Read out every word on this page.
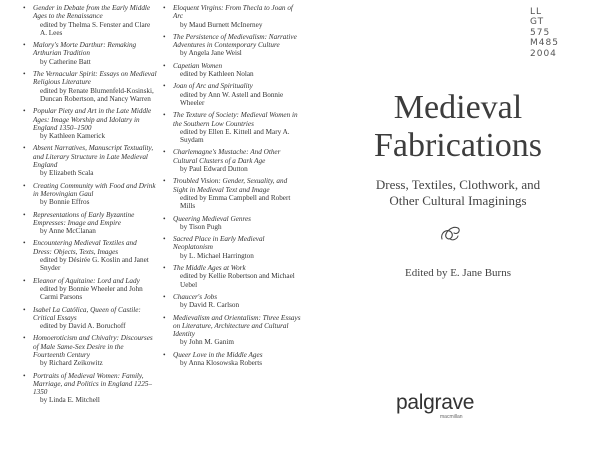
• Gender in Debate from the Early Middle Ages to the Renaissance
edited by Thelma S. Fenster and Clare A. Lees
• Malory's Morte Darthur: Remaking Arthurian Tradition
by Catherine Batt
• The Vernacular Spirit: Essays on Medieval Religious Literature
edited by Renate Blumenfeld-Kosinski, Duncan Robertson, and Nancy Warren
• Popular Piety and Art in the Late Middle Ages: Image Worship and Idolatry in England 1350–1500
by Kathleen Kamerick
• Absent Narratives, Manuscript Textuality, and Literary Structure in Late Medieval England
by Elizabeth Scala
• Creating Community with Food and Drink in Merovingian Gaul
by Bonnie Effros
• Representations of Early Byzantine Empresses: Image and Empire
by Anne McClanan
• Encountering Medieval Textiles and Dress: Objects, Texts, Images
edited by Désirée G. Koslin and Janet Snyder
• Eleanor of Aquitaine: Lord and Lady
edited by Bonnie Wheeler and John Carmi Parsons
• Isabel La Católica, Queen of Castile: Critical Essays
edited by David A. Boruchoff
• Homoeroticism and Chivalry: Discourses of Male Same-Sex Desire in the Fourteenth Century
by Richard Zeikowitz
• Portraits of Medieval Women: Family, Marriage, and Politics in England 1225–1350
by Linda E. Mitchell
• Eloquent Virgins: From Thecla to Joan of Arc
by Maud Burnett McInerney
• The Persistence of Medievalism: Narrative Adventures in Contemporary Culture
by Angela Jane Weisl
• Capetian Women
edited by Kathleen Nolan
• Joan of Arc and Spirituality
edited by Ann W. Astell and Bonnie Wheeler
• The Texture of Society: Medieval Women in the Southern Low Countries
edited by Ellen E. Kittell and Mary A. Suydam
• Charlemagne's Mustache: And Other Cultural Clusters of a Dark Age
by Paul Edward Dutton
• Troubled Vision: Gender, Sexuality, and Sight in Medieval Text and Image
edited by Emma Campbell and Robert Mills
• Queering Medieval Genres
by Tison Pugh
• Sacred Place in Early Medieval Neoplatonism
by L. Michael Harrington
• The Middle Ages at Work
edited by Kellie Robertson and Michael Uebel
• Chaucer's Jobs
by David R. Carlson
• Medievalism and Orientalism: Three Essays on Literature, Architecture and Cultural Identity
by John M. Ganim
• Queer Love in the Middle Ages
by Anna Klosowska Roberts
LL
GT
575
M485
2004
Medieval
Fabrications
Dress, Textiles, Clothwork, and
Other Cultural Imaginings
Edited by E. Jane Burns
palgrave
macmillan
